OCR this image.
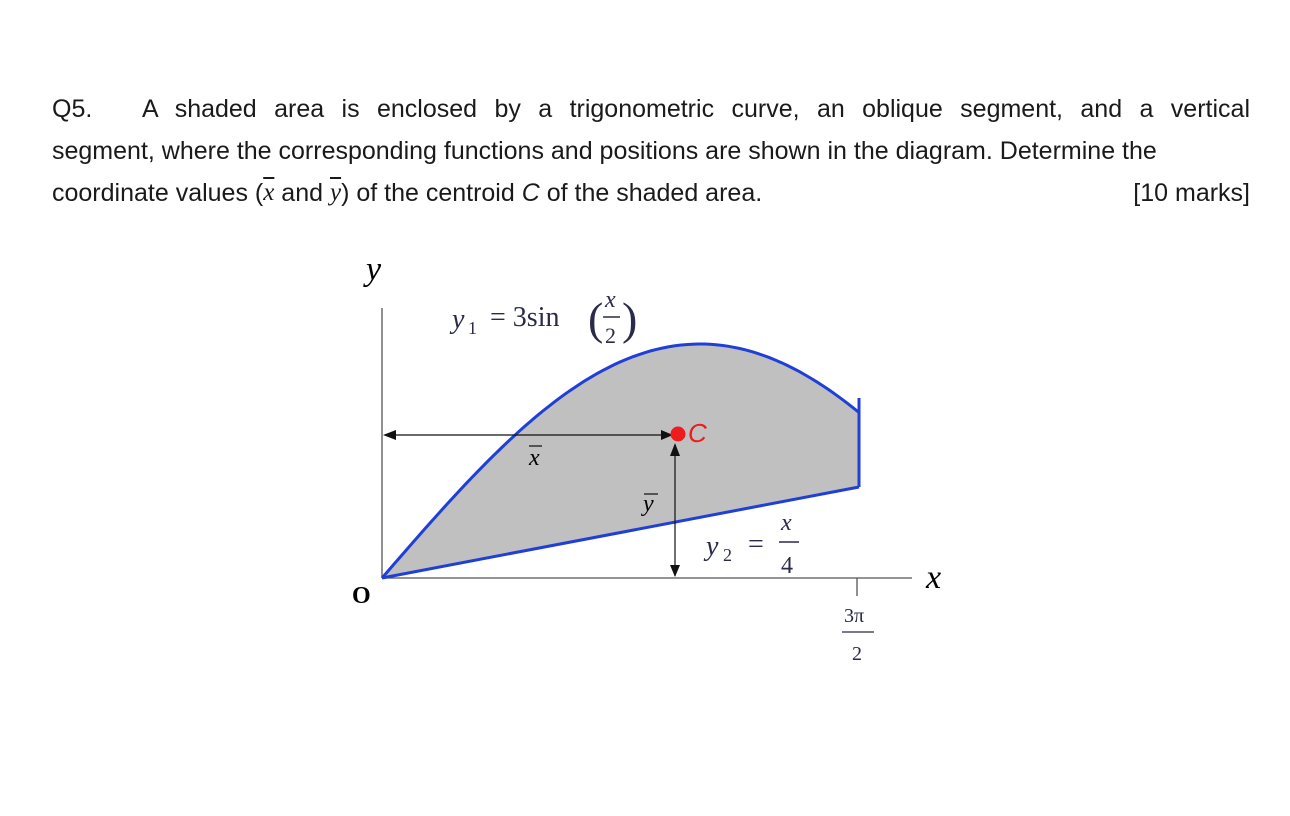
Q5.	A shaded area is enclosed by a trigonometric curve, an oblique segment, and a vertical
segment, where the corresponding functions and positions are shown in the diagram. Determine the
coordinate values ( $\overline{x}$ and $\overline{y}$ ) of the centroid C of the shaded area.	[10 marks]
C
y
x
O
x
y
y 1 = 3sin ( x
2 )
y 2 =
x
4
3π
2
